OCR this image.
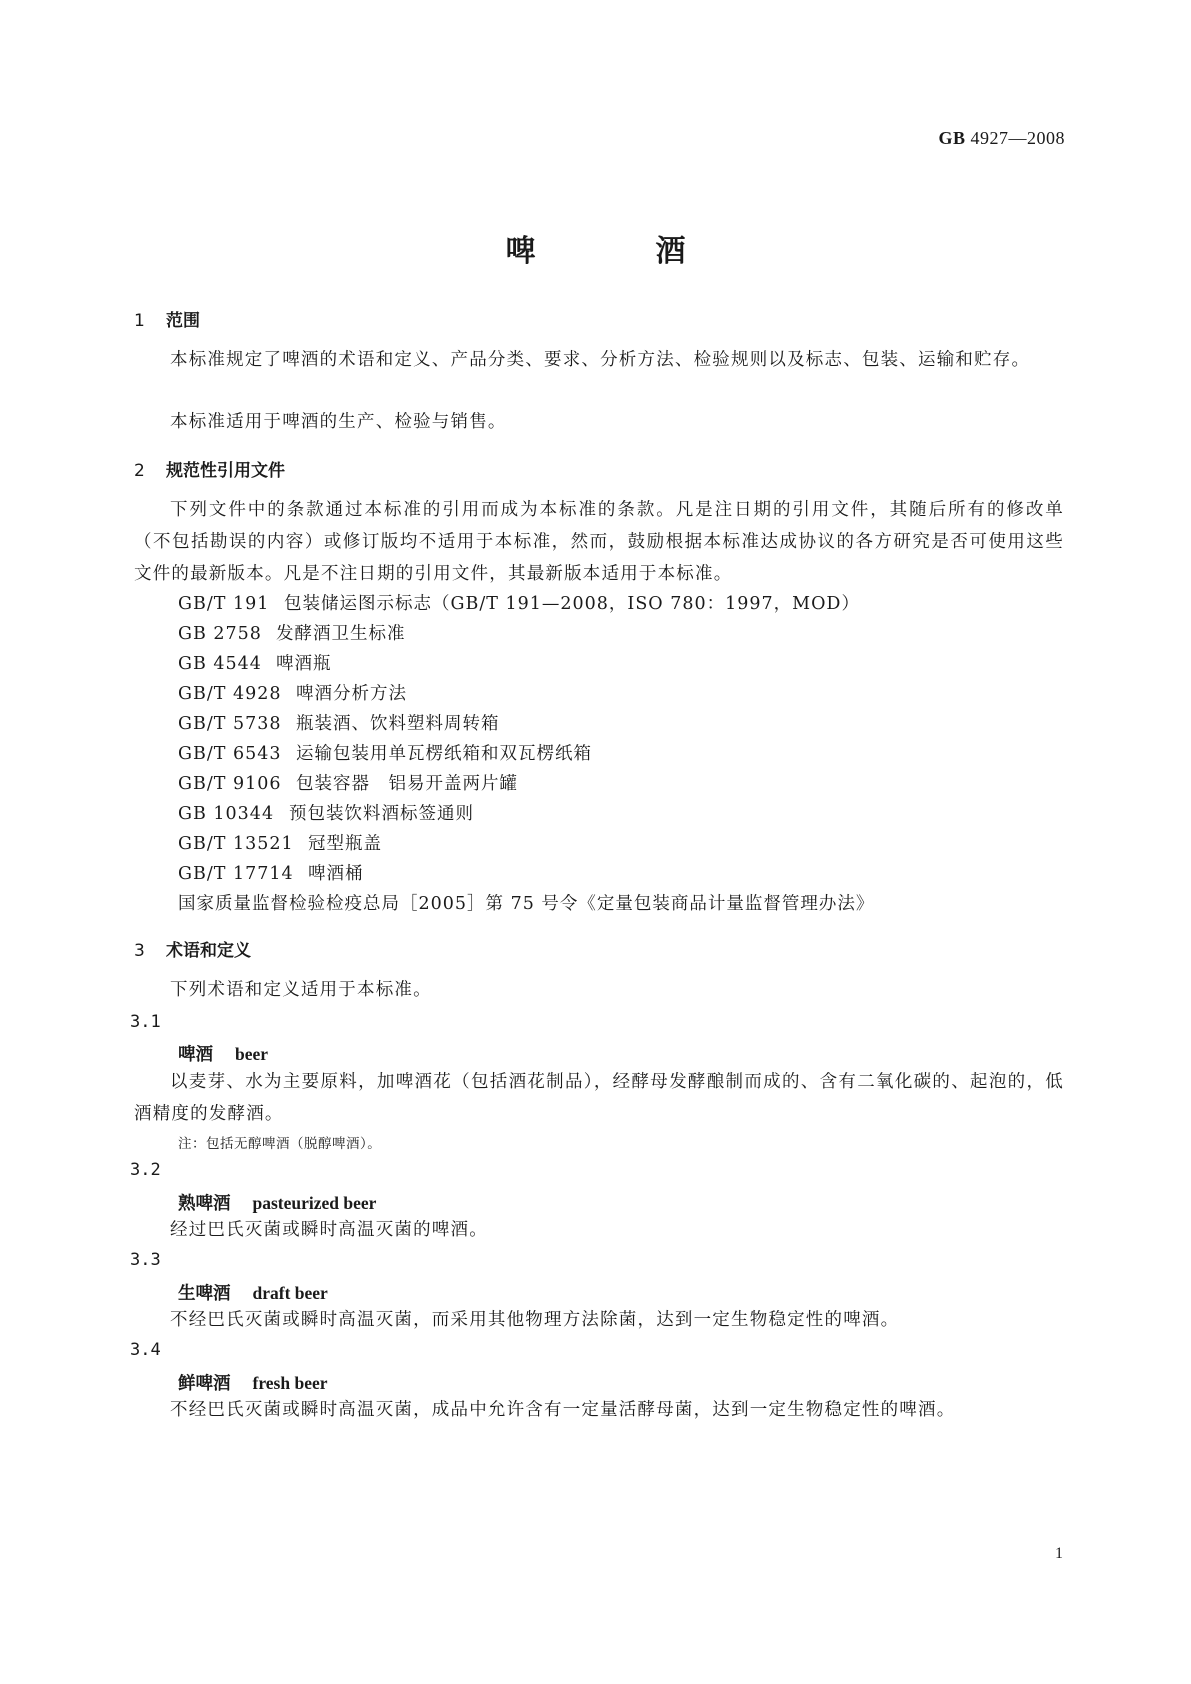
GB 4927—2008
啤酒
1 范围
本标准规定了啤酒的术语和定义、产品分类、要求、分析方法、检验规则以及标志、包装、运输和贮存。
本标准适用于啤酒的生产、检验与销售。
2 规范性引用文件
下列文件中的条款通过本标准的引用而成为本标准的条款。凡是注日期的引用文件，其随后所有的修改单（不包括勘误的内容）或修订版均不适用于本标准，然而，鼓励根据本标准达成协议的各方研究是否可使用这些文件的最新版本。凡是不注日期的引用文件，其最新版本适用于本标准。
GB/T 191 包装储运图示标志（GB/T 191—2008，ISO 780：1997，MOD）
GB 2758 发酵酒卫生标准
GB 4544 啤酒瓶
GB/T 4928 啤酒分析方法
GB/T 5738 瓶装酒、饮料塑料周转箱
GB/T 6543 运输包装用单瓦楞纸箱和双瓦楞纸箱
GB/T 9106 包装容器　铝易开盖两片罐
GB 10344 预包装饮料酒标签通则
GB/T 13521 冠型瓶盖
GB/T 17714 啤酒桶
国家质量监督检验检疫总局［2005］第 75 号令《定量包装商品计量监督管理办法》
3 术语和定义
下列术语和定义适用于本标准。
3.1
啤酒 beer
以麦芽、水为主要原料，加啤酒花（包括酒花制品），经酵母发酵酿制而成的、含有二氧化碳的、起泡的，低酒精度的发酵酒。
注：包括无醇啤酒（脱醇啤酒）。
3.2
熟啤酒 pasteurized beer
经过巴氏灭菌或瞬时高温灭菌的啤酒。
3.3
生啤酒 draft beer
不经巴氏灭菌或瞬时高温灭菌，而采用其他物理方法除菌，达到一定生物稳定性的啤酒。
3.4
鲜啤酒 fresh beer
不经巴氏灭菌或瞬时高温灭菌，成品中允许含有一定量活酵母菌，达到一定生物稳定性的啤酒。
1
